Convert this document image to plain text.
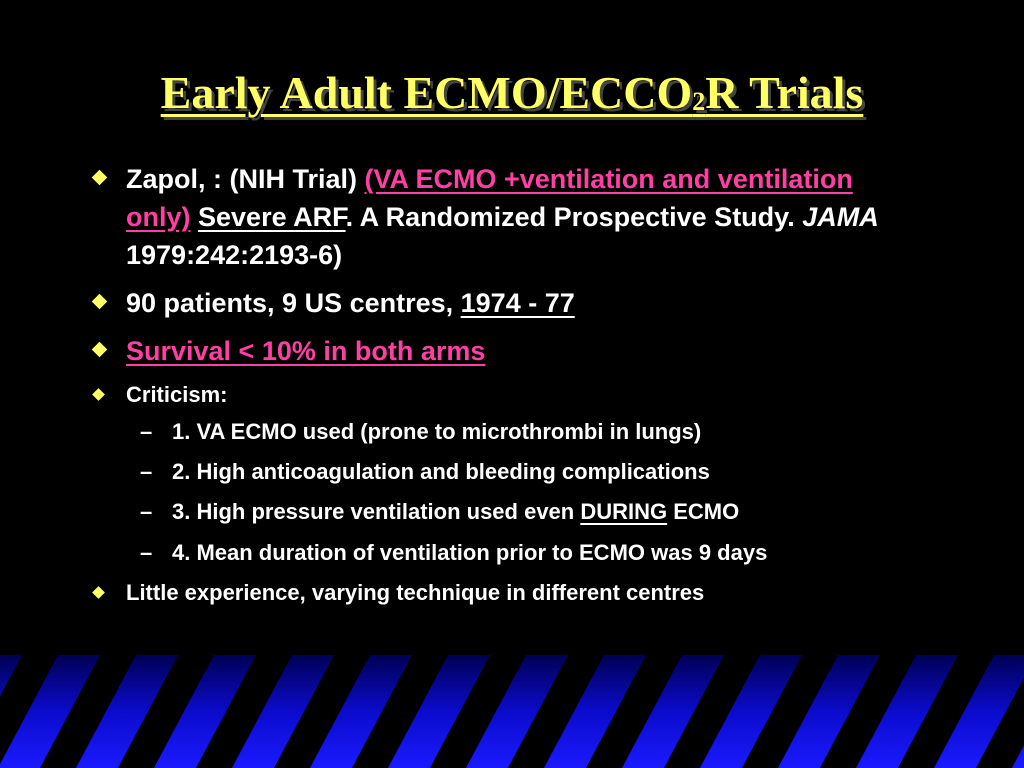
Early Adult ECMO/$ECCO_2R$ Trials
Zapol, : (NIH Trial) (VA ECMO +ventilation and ventilation only) Severe ARF. A Randomized Prospective Study. JAMA 1979:242:2193-6)
90 patients, 9 US centres, 1974 - 77
Survival < 10% in both arms
Criticism:
– 1. VA ECMO used (prone to microthrombi in lungs)
– 2. High anticoagulation and bleeding complications
– 3. High pressure ventilation used even DURING ECMO
– 4. Mean duration of ventilation prior to ECMO was 9 days
Little experience, varying technique in different centres
